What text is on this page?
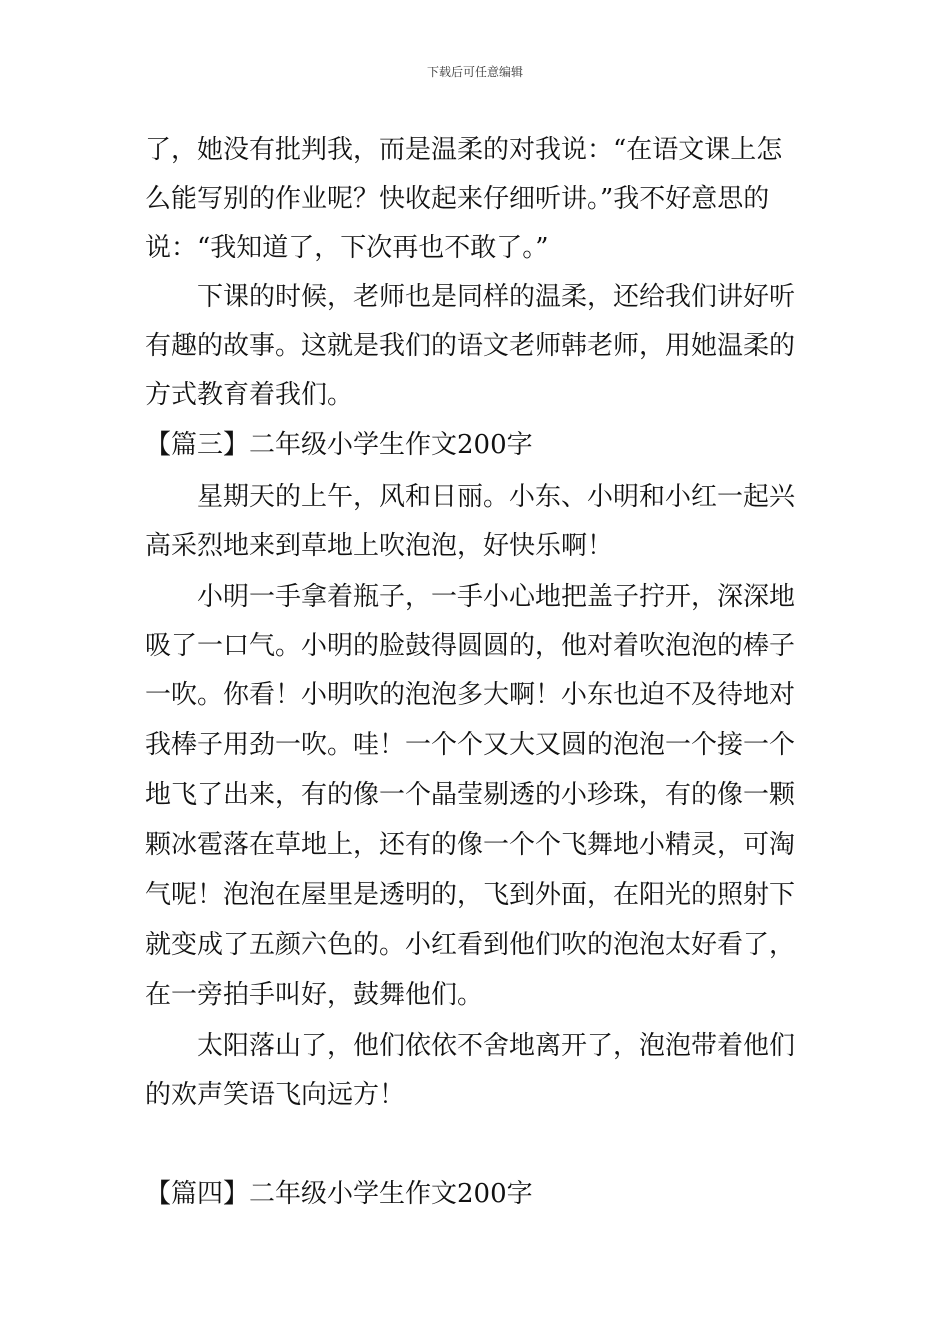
下载后可任意编辑
了，她没有批判我，而是温柔的对我说：“在语文课上怎
么能写别的作业呢？快收起来仔细听讲。”我不好意思的
说：“我知道了，下次再也不敢了。”
下课的时候，老师也是同样的温柔，还给我们讲好听
有趣的故事。这就是我们的语文老师韩老师，用她温柔的
方式教育着我们。
【篇三】二年级小学生作文200字
星期天的上午，风和日丽。小东、小明和小红一起兴
高采烈地来到草地上吹泡泡，好快乐啊！
小明一手拿着瓶子，一手小心地把盖子拧开，深深地
吸了一口气。小明的脸鼓得圆圆的，他对着吹泡泡的棒子
一吹。你看！小明吹的泡泡多大啊！小东也迫不及待地对
我棒子用劲一吹。哇！一个个又大又圆的泡泡一个接一个
地飞了出来，有的像一个晶莹剔透的小珍珠，有的像一颗
颗冰雹落在草地上，还有的像一个个飞舞地小精灵，可淘
气呢！泡泡在屋里是透明的，飞到外面，在阳光的照射下
就变成了五颜六色的。小红看到他们吹的泡泡太好看了，
在一旁拍手叫好，鼓舞他们。
太阳落山了，他们依依不舍地离开了，泡泡带着他们
的欢声笑语飞向远方！
【篇四】二年级小学生作文200字
